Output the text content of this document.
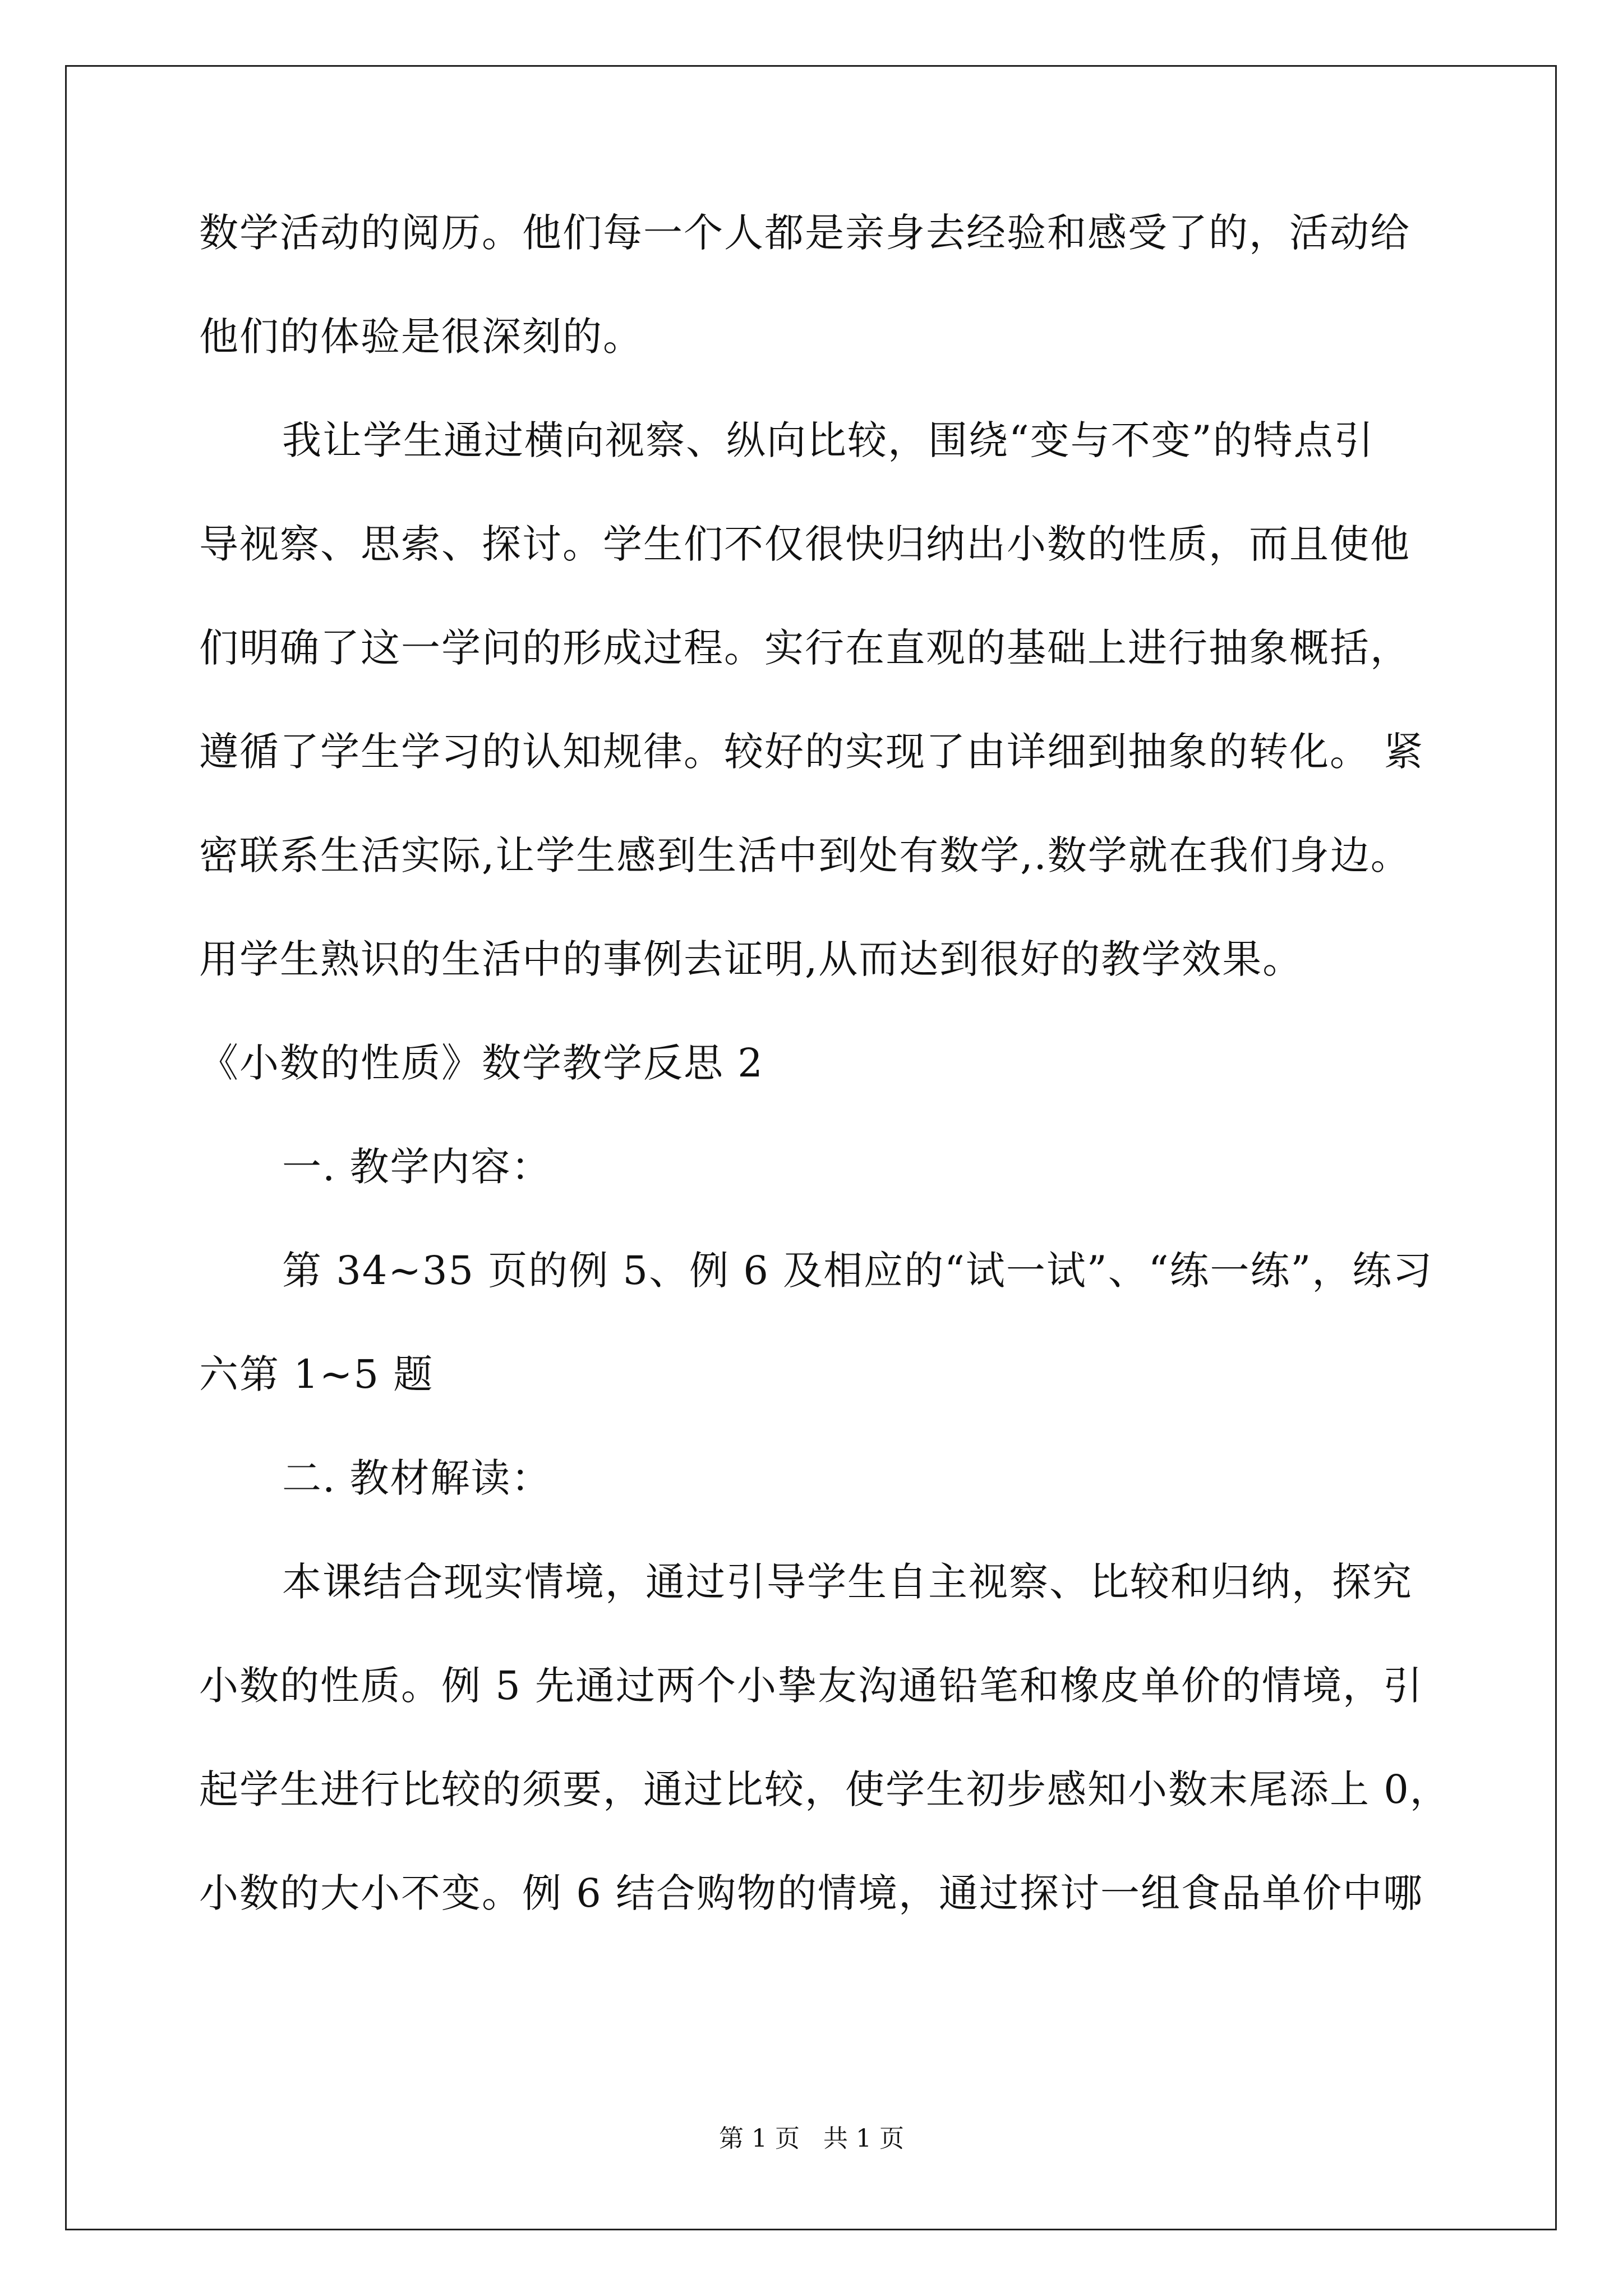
数学活动的阅历。他们每一个人都是亲身去经验和感受了的，活动给
他们的体验是很深刻的。
我让学生通过横向视察、纵向比较，围绕“变与不变”的特点引
导视察、思索、探讨。学生们不仅很快归纳出小数的性质，而且使他
们明确了这一学问的形成过程。实行在直观的基础上进行抽象概括，
遵循了学生学习的认知规律。较好的实现了由详细到抽象的转化。 紧
密联系生活实际,让学生感到生活中到处有数学,.数学就在我们身边。
用学生熟识的生活中的事例去证明,从而达到很好的教学效果。
《小数的性质》数学教学反思 2
一. 教学内容：
第 34~35 页的例 5、例 6 及相应的“试一试”、“练一练”，练习
六第 1~5 题
二. 教材解读：
本课结合现实情境，通过引导学生自主视察、比较和归纳，探究
小数的性质。例 5 先通过两个小挚友沟通铅笔和橡皮单价的情境，引
起学生进行比较的须要，通过比较，使学生初步感知小数末尾添上 0，
小数的大小不变。例 6 结合购物的情境，通过探讨一组食品单价中哪
第 1 页   共 1 页
